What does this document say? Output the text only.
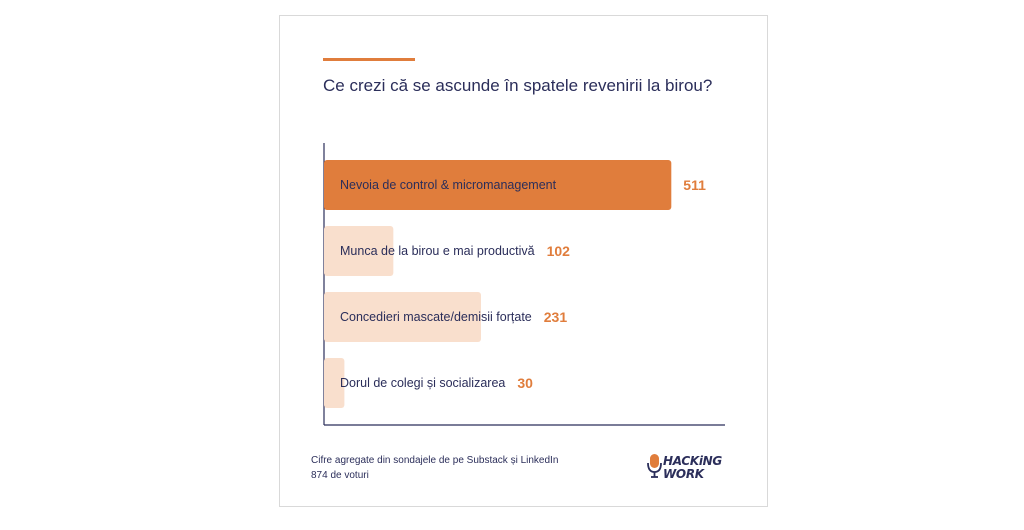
Ce crezi că se ascunde în spatele revenirii la birou?
Nevoia de control & micromanagement	511
Munca de la birou e mai productivă 102
Concedieri mascate/demisii forțate 231
Dorul de colegi și socializarea 30
Cifre agregate din sondajele de pe Substack și LinkedIn
874 de voturi
HACKiNG
WORK
